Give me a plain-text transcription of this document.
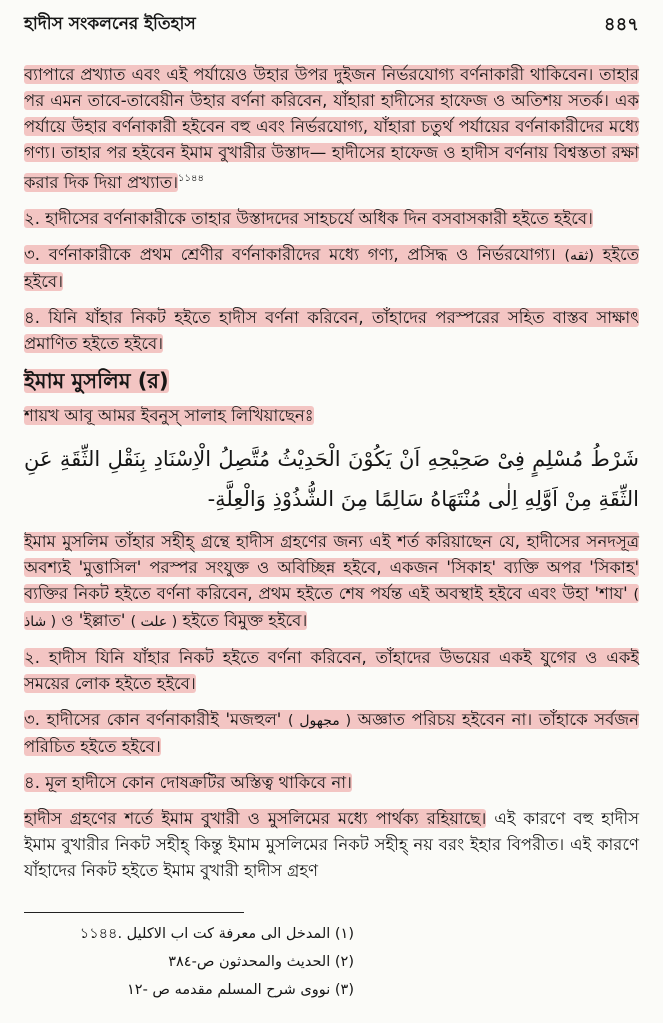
হাদীস সংকলনের ইতিহাস	৪৪৭

ব্যাপারে প্রখ্যাত এবং এই পর্যায়েও উহার উপর দুইজন নির্ভরযোগ্য বর্ণনাকারী থাকিবেন। তাহার পর এমন তাবে-তাবেয়ীন উহার বর্ণনা করিবেন, যাঁহারা হাদীসের হাফেজ ও অতিশয় সতর্ক। এক পর্যায়ে উহার বর্ণনাকারী হইবেন বহু এবং নির্ভরযোগ্য, যাঁহারা চতুর্থ পর্যায়ের বর্ণনাকারীদের মধ্যে গণ্য। তাহার পর হইবেন ইমাম বুখারীর উস্তাদ— হাদীসের হাফেজ ও হাদীস বর্ণনায় বিশ্বস্ততা রক্ষা করার দিক দিয়া প্রখ্যাত।$^{১১৪৪}$

২. হাদীসের বর্ণনাকারীকে তাহার উস্তাদদের সাহচর্যে অধিক দিন বসবাসকারী হইতে হইবে।

৩. বর্ণনাকারীকে প্রথম শ্রেণীর বর্ণনাকারীদের মধ্যে গণ্য, প্রসিদ্ধ ও নির্ভরযোগ্য। (ثقه) হইতে হইবে।

৪. যিনি যাঁহার নিকট হইতে হাদীস বর্ণনা করিবেন, তাঁহাদের পরস্পরের সহিত বাস্তব সাক্ষাৎ প্রমাণিত হইতে হইবে।

ইমাম মুসলিম (র)

শায়খ আবূ আমর ইবনুস্ সালাহ লিখিয়াছেনঃ

شَرْطُ مُسْلِمٍ فِىْ صَحِيْحِهِ اَنْ يَكُوْنَ الْحَدِيْثُ مُتَّصِلُ الْاِسْنَادِ بِنَقْلِ الثِّقَةِ عَنِ الثِّقَةِ مِنْ اَوَّلِهِ اِلٰى مُنْتَهَاهُ سَالِمًا مِنَ الشُّذُوْذِ وَالْعِلَّةِ-

ইমাম মুসলিম তাঁহার সহীহ্ গ্রন্থে হাদীস গ্রহণের জন্য এই শর্ত করিয়াছেন যে, হাদীসের সনদসূত্র অবশ্যই 'মুত্তাসিল' পরস্পর সংযুক্ত ও অবিচ্ছিন্ন হইবে, একজন 'সিকাহ' ব্যক্তি অপর 'সিকাহ' ব্যক্তির নিকট হইতে বর্ণনা করিবেন, প্রথম হইতে শেষ পর্যন্ত এই অবস্থাই হইবে এবং উহা 'শায' ( شاذ ) ও 'ইল্লাত' ( علت ) হইতে বিমুক্ত হইবে।

২. হাদীস যিনি যাঁহার নিকট হইতে বর্ণনা করিবেন, তাঁহাদের উভয়ের একই যুগের ও একই সময়ের লোক হইতে হইবে।

৩. হাদীসের কোন বর্ণনাকারীই 'মজহুল' ( مجهول ) অজ্ঞাত পরিচয় হইবেন না। তাঁহাকে সর্বজন পরিচিত হইতে হইবে।

৪. মূল হাদীসে কোন দোষক্রটির অস্তিত্ব থাকিবে না।

হাদীস গ্রহণের শর্তে ইমাম বুখারী ও মুসলিমের মধ্যে পার্থক্য রহিয়াছে। এই কারণে বহু হাদীস ইমাম বুখারীর নিকট সহীহ্ কিন্তু ইমাম মুসলিমের নিকট সহীহ্ নয় বরং ইহার বিপরীত। এই কারণে যাঁহাদের নিকট হইতে ইমাম বুখারী হাদীস গ্রহণ

(١) المدخل الى معرفة كت اب الاكليل .১১৪৪

(٢) الحديث والمحدثون ص-٣٨٤

(٣) نووى شرح المسلم مقدمه ص -١٢
